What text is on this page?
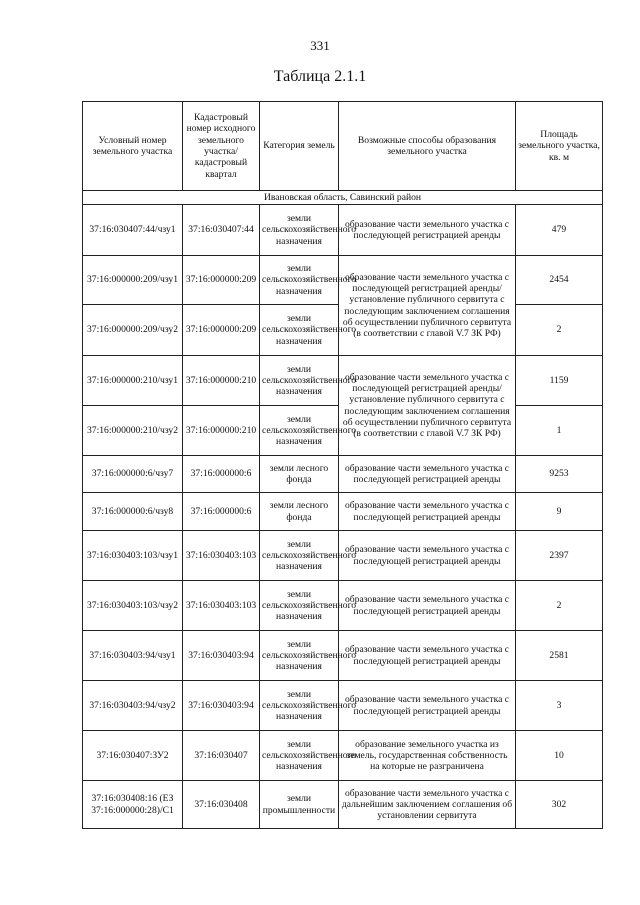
331
Таблица 2.1.1
Условный номер земельного участка	Кадастровый номер исходного земельного участка/кадастровый квартал	Категория земель	Возможные способы образования земельного участка	Площадь земельного участка, кв. м
Ивановская область, Савинский район				
37:16:030407:44/чзу1	37:16:030407:44	земли сельскохозяйственного назначения	образование части земельного участка с последующей регистрацией аренды	479
37:16:000000:209/чзу1	37:16:000000:209	земли сельскохозяйственного назначения	образование части земельного участка с последующей регистрацией аренды/установление публичного сервитута с последующим заключением соглашения об осуществлении публичного сервитута (в соответствии с главой V.7 ЗК РФ)	2454
37:16:000000:209/чзу2	37:16:000000:209	земли сельскохозяйственного назначения		2
37:16:000000:210/чзу1	37:16:000000:210	земли сельскохозяйственного назначения	образование части земельного участка с последующей регистрацией аренды/установление публичного сервитута с последующим заключением соглашения об осуществлении публичного сервитута (в соответствии с главой V.7 ЗК РФ)	1159
37:16:000000:210/чзу2	37:16:000000:210	земли сельскохозяйственного назначения		1
37:16:000000:6/чзу7	37:16:000000:6	земли лесного фонда	образование части земельного участка с последующей регистрацией аренды	9253
37:16:000000:6/чзу8	37:16:000000:6	земли лесного фонда	образование части земельного участка с последующей регистрацией аренды	9
37:16:030403:103/чзу1	37:16:030403:103	земли сельскохозяйственного назначения	образование части земельного участка с последующей регистрацией аренды	2397
37:16:030403:103/чзу2	37:16:030403:103	земли сельскохозяйственного назначения	образование части земельного участка с последующей регистрацией аренды	2
37:16:030403:94/чзу1	37:16:030403:94	земли сельскохозяйственного назначения	образование части земельного участка с последующей регистрацией аренды	2581
37:16:030403:94/чзу2	37:16:030403:94	земли сельскохозяйственного назначения	образование части земельного участка с последующей регистрацией аренды	3
37:16:030407:ЗУ2	37:16:030407	земли сельскохозяйственного назначения	образование земельного участка из земель, государственная собственность на которые не разграничена	10
37:16:030408:16 (ЕЗ 37:16:000000:28)/С1	37:16:030408	земли промышленности	образование части земельного участка с дальнейшим заключением соглашения об установлении сервитута	302
